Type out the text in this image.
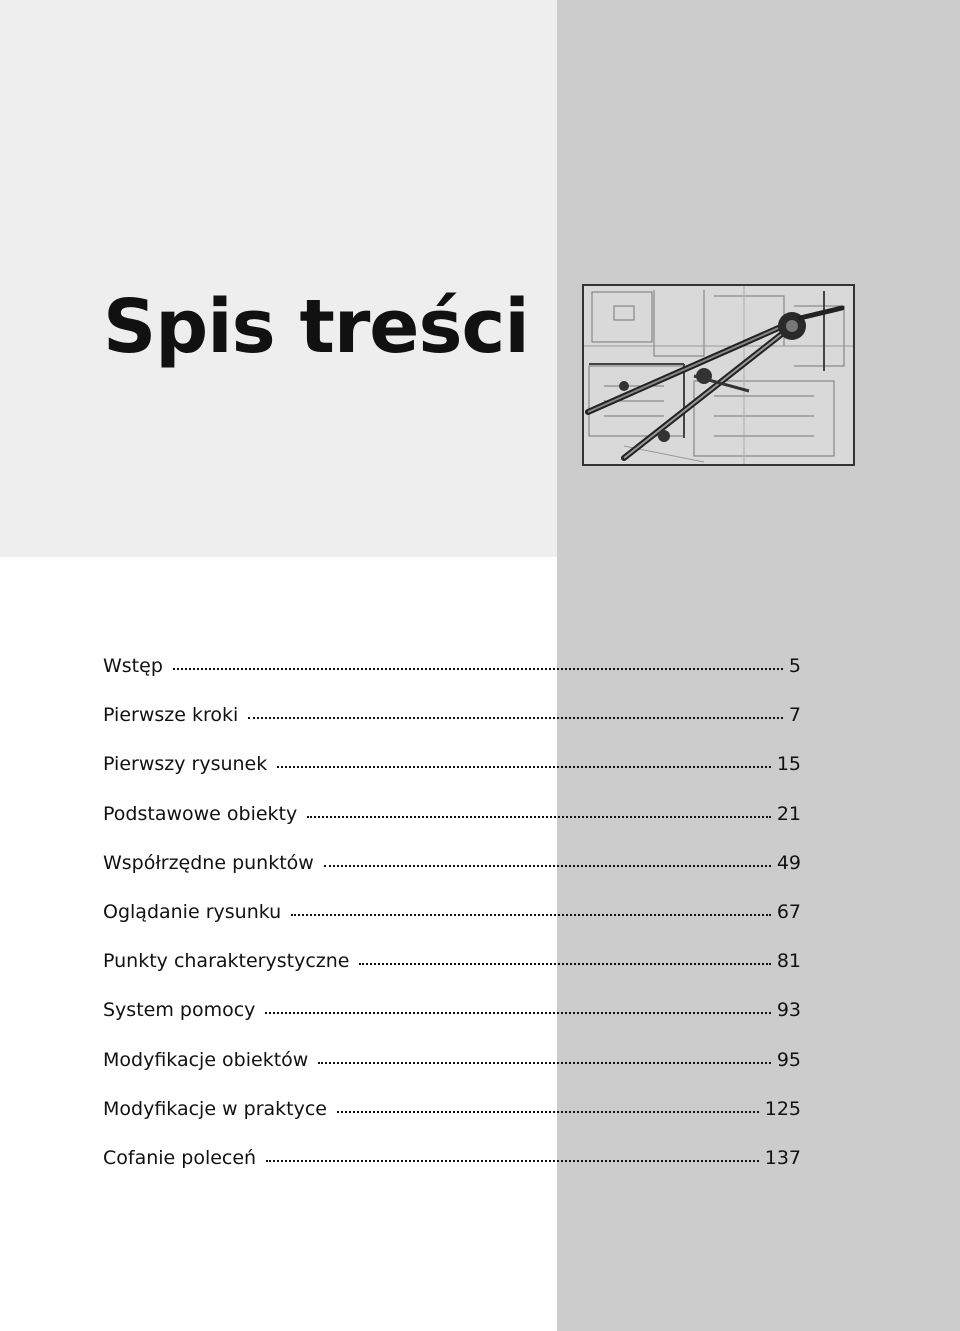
Spis treści
Wstęp	5
Pierwsze kroki	7
Pierwszy rysunek	15
Podstawowe obiekty	21
Współrzędne punktów	49
Oglądanie rysunku	67
Punkty charakterystyczne	81
System pomocy	93
Modyfikacje obiektów	95
Modyfikacje w praktyce	125
Cofanie poleceń	137
